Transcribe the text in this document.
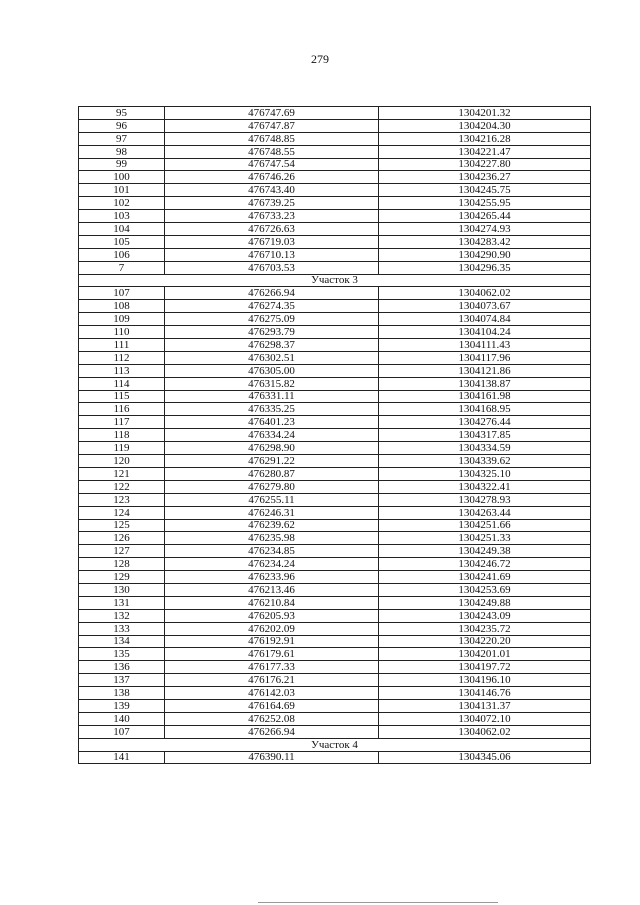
279
95	476747.69	1304201.32
96	476747.87	1304204.30
97	476748.85	1304216.28
98	476748.55	1304221.47
99	476747.54	1304227.80
100	476746.26	1304236.27
101	476743.40	1304245.75
102	476739.25	1304255.95
103	476733.23	1304265.44
104	476726.63	1304274.93
105	476719.03	1304283.42
106	476710.13	1304290.90
7	476703.53	1304296.35
Участок 3		
107	476266.94	1304062.02
108	476274.35	1304073.67
109	476275.09	1304074.84
110	476293.79	1304104.24
111	476298.37	1304111.43
112	476302.51	1304117.96
113	476305.00	1304121.86
114	476315.82	1304138.87
115	476331.11	1304161.98
116	476335.25	1304168.95
117	476401.23	1304276.44
118	476334.24	1304317.85
119	476298.90	1304334.59
120	476291.22	1304339.62
121	476280.87	1304325.10
122	476279.80	1304322.41
123	476255.11	1304278.93
124	476246.31	1304263.44
125	476239.62	1304251.66
126	476235.98	1304251.33
127	476234.85	1304249.38
128	476234.24	1304246.72
129	476233.96	1304241.69
130	476213.46	1304253.69
131	476210.84	1304249.88
132	476205.93	1304243.09
133	476202.09	1304235.72
134	476192.91	1304220.20
135	476179.61	1304201.01
136	476177.33	1304197.72
137	476176.21	1304196.10
138	476142.03	1304146.76
139	476164.69	1304131.37
140	476252.08	1304072.10
107	476266.94	1304062.02
Участок 4		
141	476390.11	1304345.06
